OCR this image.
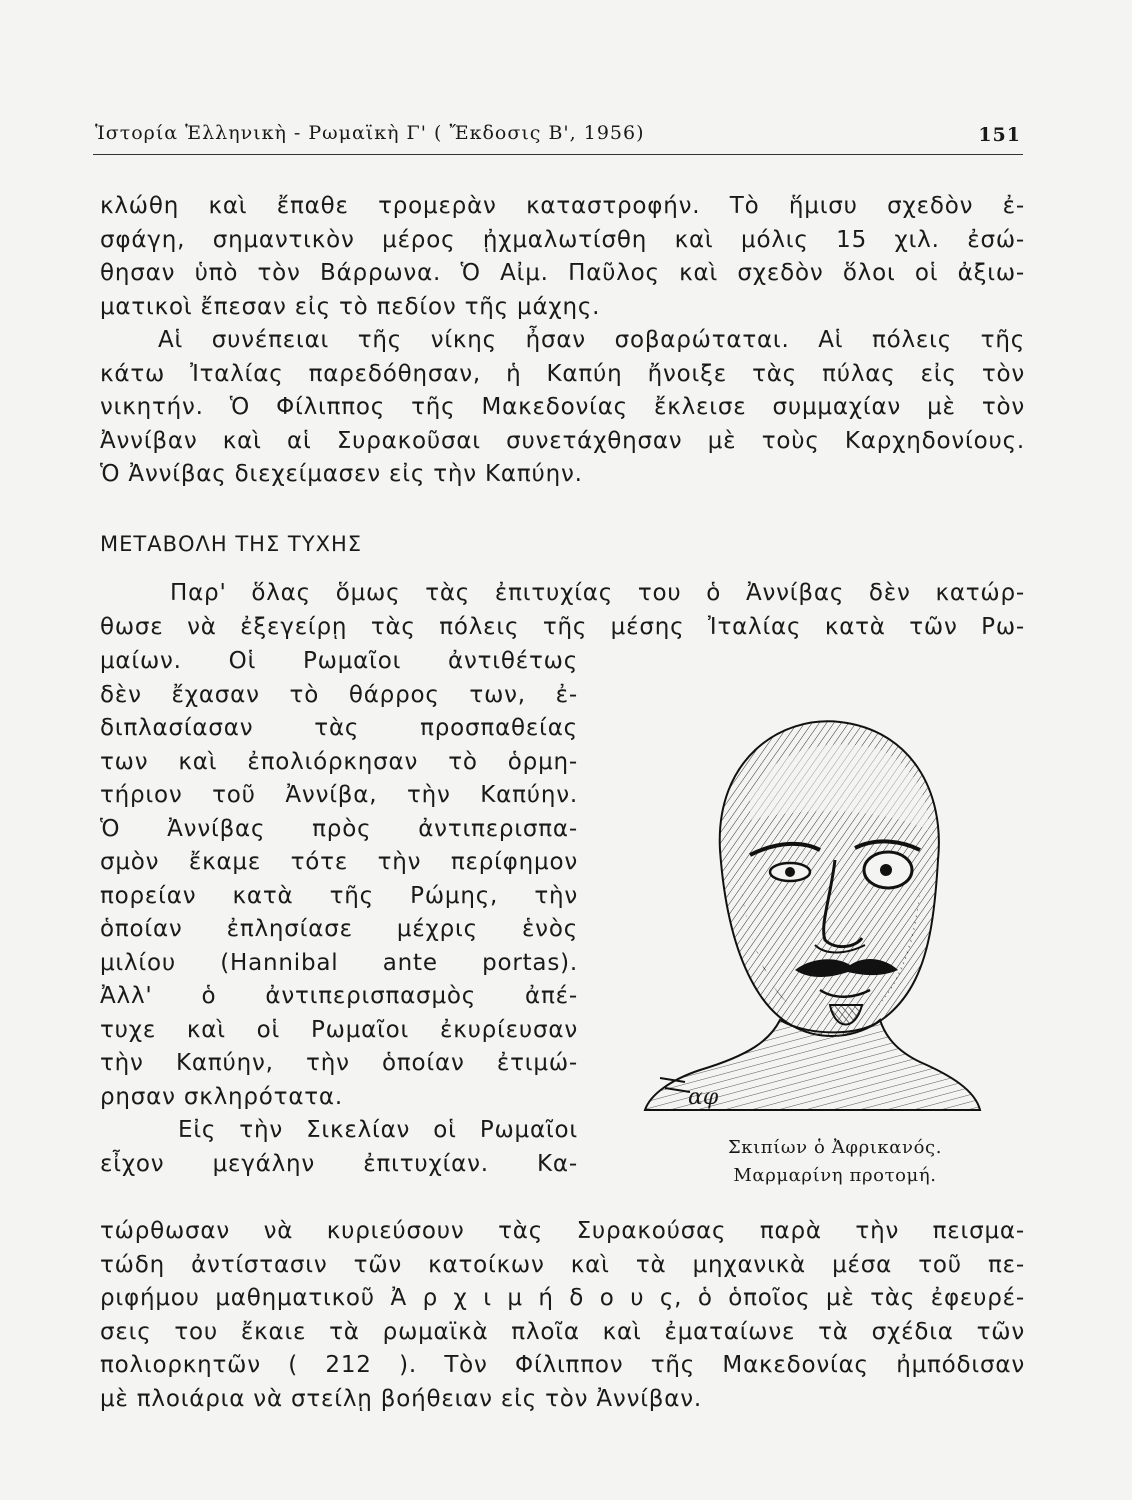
Ἱστορία Ἑλληνικὴ - Ρωμαϊκὴ Γ' ( Ἔκδοσις Β', 1956)	151
κλώθη καὶ ἔπαθε τρομερὰν καταστροφήν. Τὸ ἥμισυ σχεδὸν ἐ-
σφάγη, σημαντικὸν μέρος ᾐχμαλωτίσθη καὶ μόλις 15 χιλ. ἐσώ-
θησαν ὑπὸ τὸν Βάρρωνα. Ὁ Αἰμ. Παῦλος καὶ σχεδὸν ὅλοι οἱ ἀξιω-
ματικοὶ ἔπεσαν εἰς τὸ πεδίον τῆς μάχης.
Αἱ συνέπειαι τῆς νίκης ἦσαν σοβαρώταται. Αἱ πόλεις τῆς
κάτω Ἰταλίας παρεδόθησαν, ἡ Καπύη ἤνοιξε τὰς πύλας εἰς τὸν
νικητήν. Ὁ Φίλιππος τῆς Μακεδονίας ἔκλεισε συμμαχίαν μὲ τὸν
Ἀννίβαν καὶ αἱ Συρακοῦσαι συνετάχθησαν μὲ τοὺς Καρχηδονίους.
Ὁ Ἀννίβας διεχείμασεν εἰς τὴν Καπύην.
ΜΕΤΑΒΟΛΗ ΤΗΣ ΤΥΧΗΣ
Παρ' ὅλας ὅμως τὰς ἐπιτυχίας του ὁ Ἀννίβας δὲν κατώρ-
θωσε νὰ ἐξεγείρῃ τὰς πόλεις τῆς μέσης Ἰταλίας κατὰ τῶν Ρω-
μαίων. Οἱ Ρωμαῖοι ἀντιθέτως
δὲν ἔχασαν τὸ θάρρος των, ἐ-
διπλασίασαν τὰς προσπαθείας
των καὶ ἐπολιόρκησαν τὸ ὁρμη-
τήριον τοῦ Ἀννίβα, τὴν Καπύην.
Ὁ Ἀννίβας πρὸς ἀντιπερισπα-
σμὸν ἔκαμε τότε τὴν περίφημον
πορείαν κατὰ τῆς Ρώμης, τὴν
ὁποίαν ἐπλησίασε μέχρις ἑνὸς
μιλίου (Hannibal ante portas).
Ἀλλ' ὁ ἀντιπερισπασμὸς ἀπέ-
τυχε καὶ οἱ Ρωμαῖοι ἐκυρίευσαν
τὴν Καπύην, τὴν ὁποίαν ἐτιμώ-
ρησαν σκληρότατα.
Εἰς τὴν Σικελίαν οἱ Ρωμαῖοι
εἶχον μεγάλην ἐπιτυχίαν. Κα-
τώρθωσαν νὰ κυριεύσουν τὰς Συρακούσας παρὰ τὴν πεισμα-
τώδη ἀντίστασιν τῶν κατοίκων καὶ τὰ μηχανικὰ μέσα τοῦ πε-
ριφήμου μαθηματικοῦ Ἀ ρ χ ι μ ή δ ο υ ς, ὁ ὁποῖος μὲ τὰς ἐφευρέ-
σεις του ἔκαιε τὰ ρωμαϊκὰ πλοῖα καὶ ἐματαίωνε τὰ σχέδια τῶν
πολιορκητῶν ( 212 ). Τὸν Φίλιππον τῆς Μακεδονίας ἠμπόδισαν
μὲ πλοιάρια νὰ στείλῃ βοήθειαν εἰς τὸν Ἀννίβαν.
αφ
Σκιπίων ὁ Ἀφρικανός.
Μαρμαρίνη προτομή.
